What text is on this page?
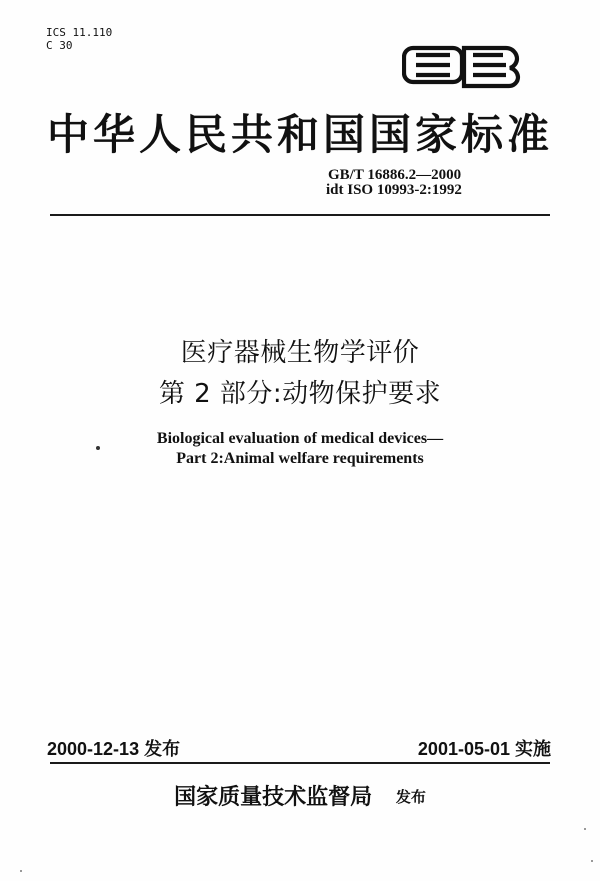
ICS 11.110
C 30
中华人民共和国国家标准
GB/T 16886.2—2000
idt ISO 10993-2:1992
医疗器械生物学评价
第 2 部分:动物保护要求
Biological evaluation of medical devices—
Part 2:Animal welfare requirements
2000-12-13 发布	2001-05-01 实施
国家质量技术监督局 发布
